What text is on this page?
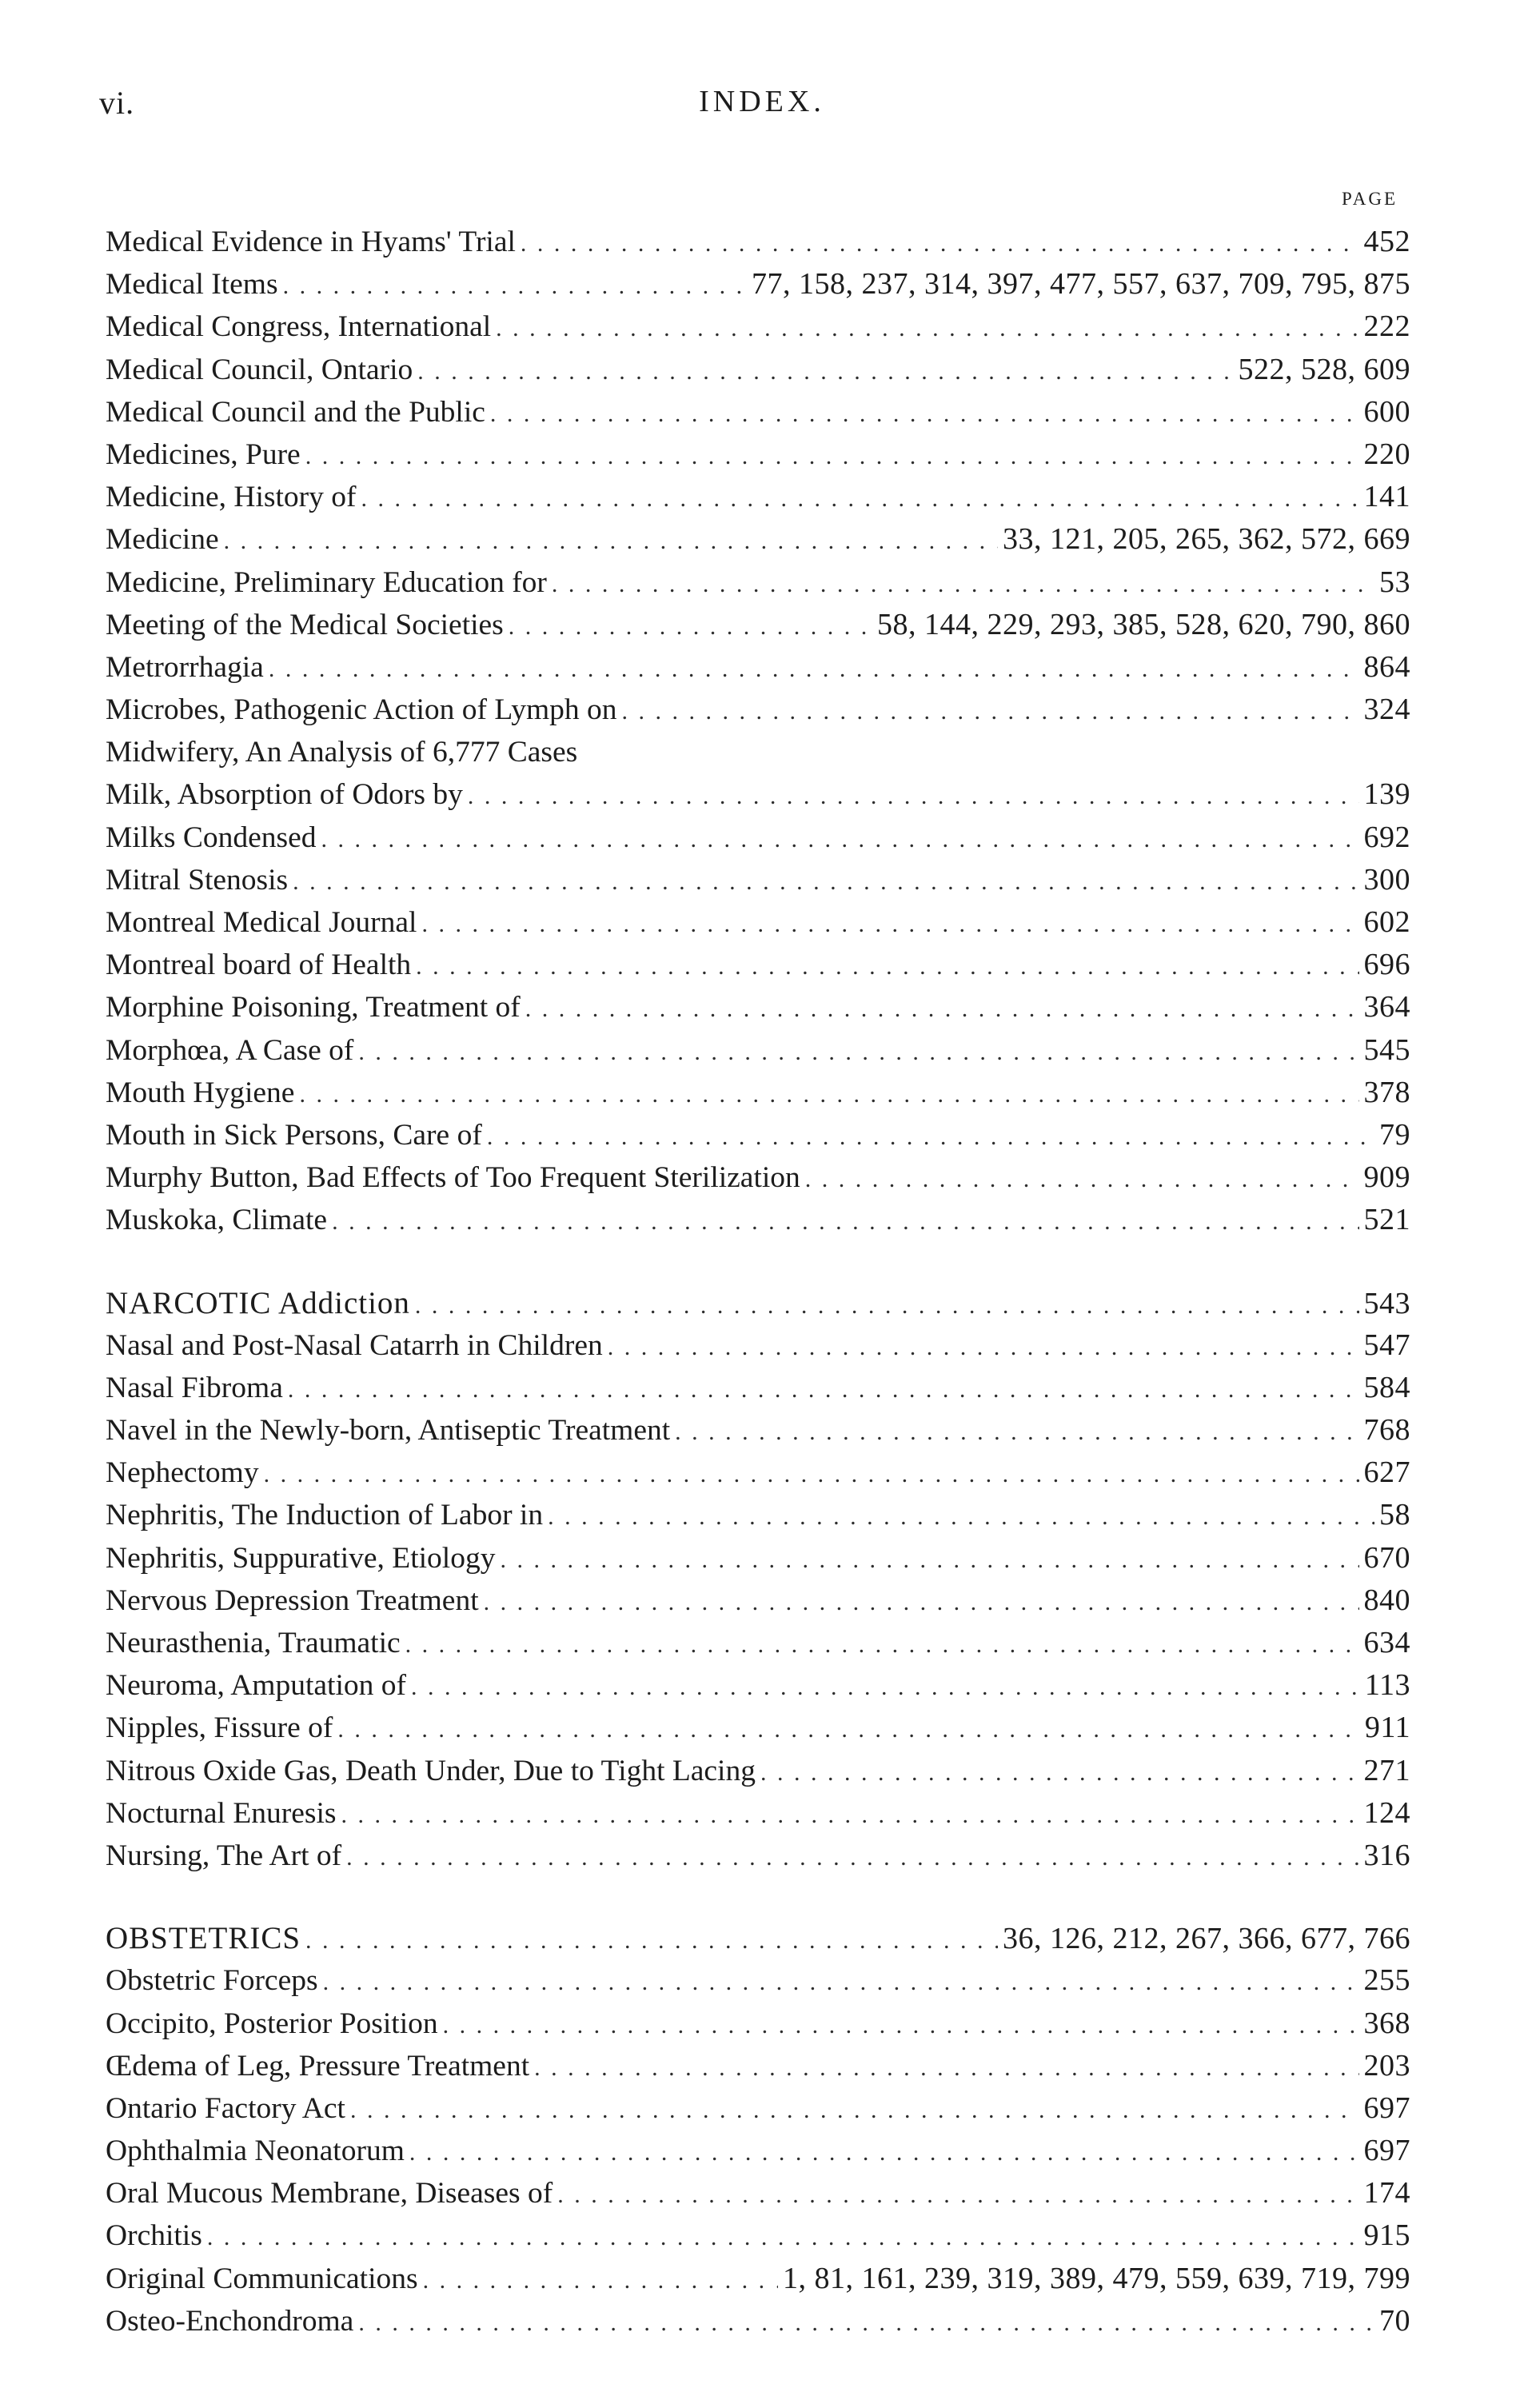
vi.	INDEX.
PAGE
Medical Evidence in Hyams' Trial . . .	452
Medical Items . . .	77, 158, 237, 314, 397, 477, 557, 637, 709, 795, 875
Medical Congress, International . . .	222
Medical Council, Ontario . . .	522, 528, 609
Medical Council and the Public . . .	600
Medicines, Pure . . .	220
Medicine, History of . . .	141
Medicine . . .	33, 121, 205, 265, 362, 572, 669
Medicine, Preliminary Education for . . .	53
Meeting of the Medical Societies . . .	58, 144, 229, 293, 385, 528, 620, 790, 860
Metrorrhagia . . .	864
Microbes, Pathogenic Action of Lymph on . . .	324
Midwifery, An Analysis of 6,777 Cases
Milk, Absorption of Odors by . . .	139
Milks Condensed . . .	692
Mitral Stenosis . . .	300
Montreal Medical Journal . . .	602
Montreal board of Health . . .	696
Morphine Poisoning, Treatment of . . .	364
Morphœa, A Case of . . .	545
Mouth Hygiene . . .	378
Mouth in Sick Persons, Care of . . .	79
Murphy Button, Bad Effects of Too Frequent Sterilization . . .	909
Muskoka, Climate . . .	521
NARCOTIC Addiction . . .	543
Nasal and Post-Nasal Catarrh in Children . . .	547
Nasal Fibroma . . .	584
Navel in the Newly-born, Antiseptic Treatment . . .	768
Nephectomy . . .	627
Nephritis, The Induction of Labor in . . .	58
Nephritis, Suppurative, Etiology . . .	670
Nervous Depression Treatment . . .	840
Neurasthenia, Traumatic . . .	634
Neuroma, Amputation of . . .	113
Nipples, Fissure of . . .	911
Nitrous Oxide Gas, Death Under, Due to Tight Lacing . . .	271
Nocturnal Enuresis . . .	124
Nursing, The Art of . . .	316
OBSTETRICS . . .	36, 126, 212, 267, 366, 677, 766
Obstetric Forceps . . .	255
Occipito, Posterior Position . . .	368
Œdema of Leg, Pressure Treatment . . .	203
Ontario Factory Act . . .	697
Ophthalmia Neonatorum . . .	697
Oral Mucous Membrane, Diseases of . . .	174
Orchitis . . .	915
Original Communications . . .	1, 81, 161, 239, 319, 389, 479, 559, 639, 719, 799
Osteo-Enchondroma . . .	70
